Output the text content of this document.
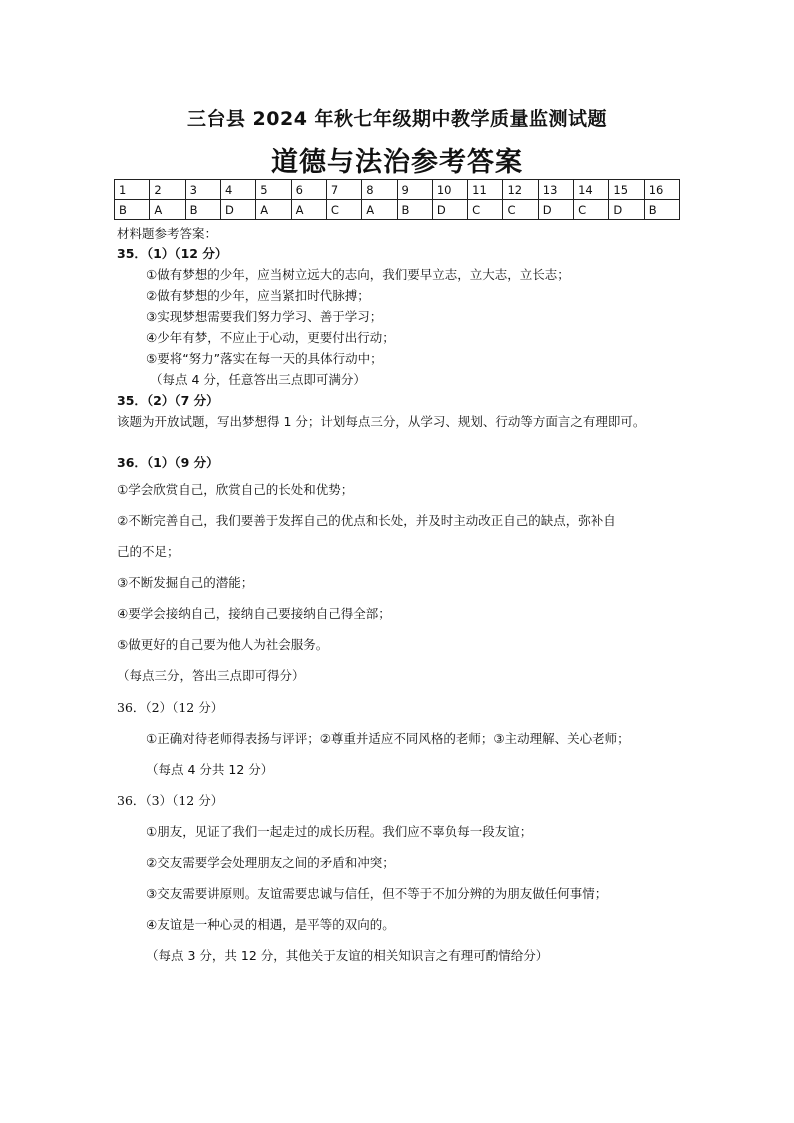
三台县 2024 年秋七年级期中教学质量监测试题
道德与法治参考答案
1	2	3	4	5	6	7	8	9	10	11	12	13	14	15	16
B	A	B	D	A	A	C	A	B	D	C	C	D	C	D	B
材料题参考答案：
35．（1）（12 分）
①做有梦想的少年，应当树立远大的志向，我们要早立志，立大志，立长志；
②做有梦想的少年，应当紧扣时代脉搏；
③实现梦想需要我们努力学习、善于学习；
④少年有梦，不应止于心动，更要付出行动；
⑤要将“努力”落实在每一天的具体行动中；
（每点 4 分，任意答出三点即可满分）
35．（2）（7 分）
该题为开放试题，写出梦想得 1 分；计划每点三分，从学习、规划、行动等方面言之有理即可。
36．（1）（9 分）
①学会欣赏自己，欣赏自己的长处和优势；
②不断完善自己，我们要善于发挥自己的优点和长处，并及时主动改正自己的缺点，弥补自
己的不足；
③不断发掘自己的潜能；
④要学会接纳自己，接纳自己要接纳自己得全部；
⑤做更好的自己要为他人为社会服务。
（每点三分，答出三点即可得分）
36．（2）（12 分）
①正确对待老师得表扬与评评；②尊重并适应不同风格的老师；③主动理解、关心老师；
（每点 4 分共 12 分）
36．（3）（12 分）
①朋友，见证了我们一起走过的成长历程。我们应不辜负每一段友谊；
②交友需要学会处理朋友之间的矛盾和冲突；
③交友需要讲原则。友谊需要忠诚与信任，但不等于不加分辨的为朋友做任何事情；
④友谊是一种心灵的相遇，是平等的双向的。
（每点 3 分，共 12 分，其他关于友谊的相关知识言之有理可酌情给分）
